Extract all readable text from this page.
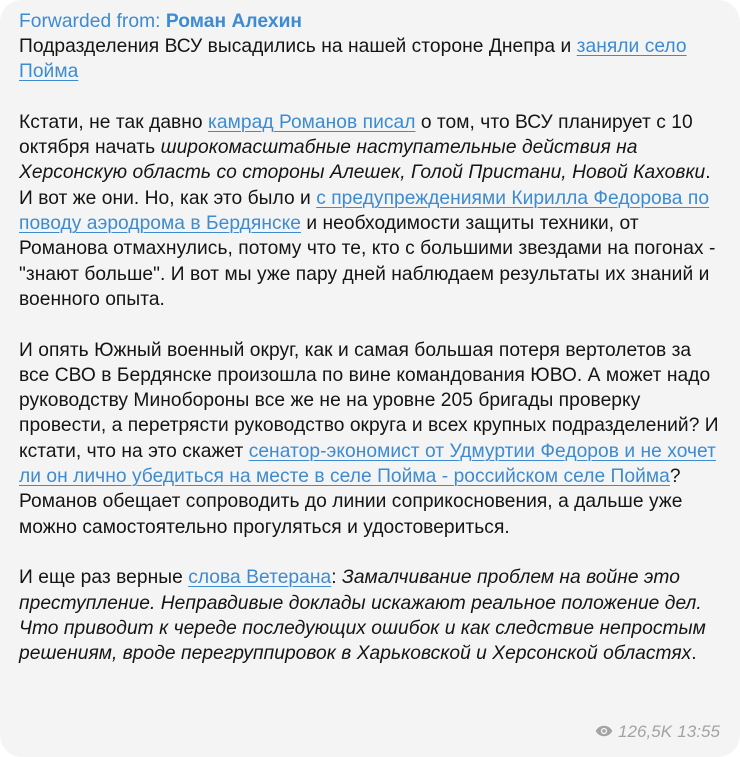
Forwarded from: Роман Алехин

Подразделения ВСУ высадились на нашей стороне Днепра и заняли село Пойма

Кстати, не так давно камрад Романов писал о том, что ВСУ планирует с 10 октября начать широкомасштабные наступательные действия на Херсонскую область со стороны Алешек, Голой Пристани, Новой Каховки. И вот же они. Но, как это было и с предупреждениями Кирилла Федорова по поводу аэродрома в Бердянске и необходимости защиты техники, от Романова отмахнулись, потому что те, кто с большими звездами на погонах - "знают больше". И вот мы уже пару дней наблюдаем результаты их знаний и военного опыта.

И опять Южный военный округ, как и самая большая потеря вертолетов за все СВО в Бердянске произошла по вине командования ЮВО. А может надо руководству Минобороны все же не на уровне 205 бригады проверку провести, а перетрясти руководство округа и всех крупных подразделений? И кстати, что на это скажет сенатор-экономист от Удмуртии Федоров и не хочет ли он лично убедиться на месте в селе Пойма - российском селе Пойма? Романов обещает сопроводить до линии соприкосновения, а дальше уже можно самостоятельно прогуляться и удостовериться.

И еще раз верные слова Ветерана: Замалчивание проблем на войне это преступление. Неправдивые доклады искажают реальное положение дел. Что приводит к череде последующих ошибок и как следствие непростым решениям, вроде перегруппировок в Харьковской и Херсонской областях.

126,5K 13:55
